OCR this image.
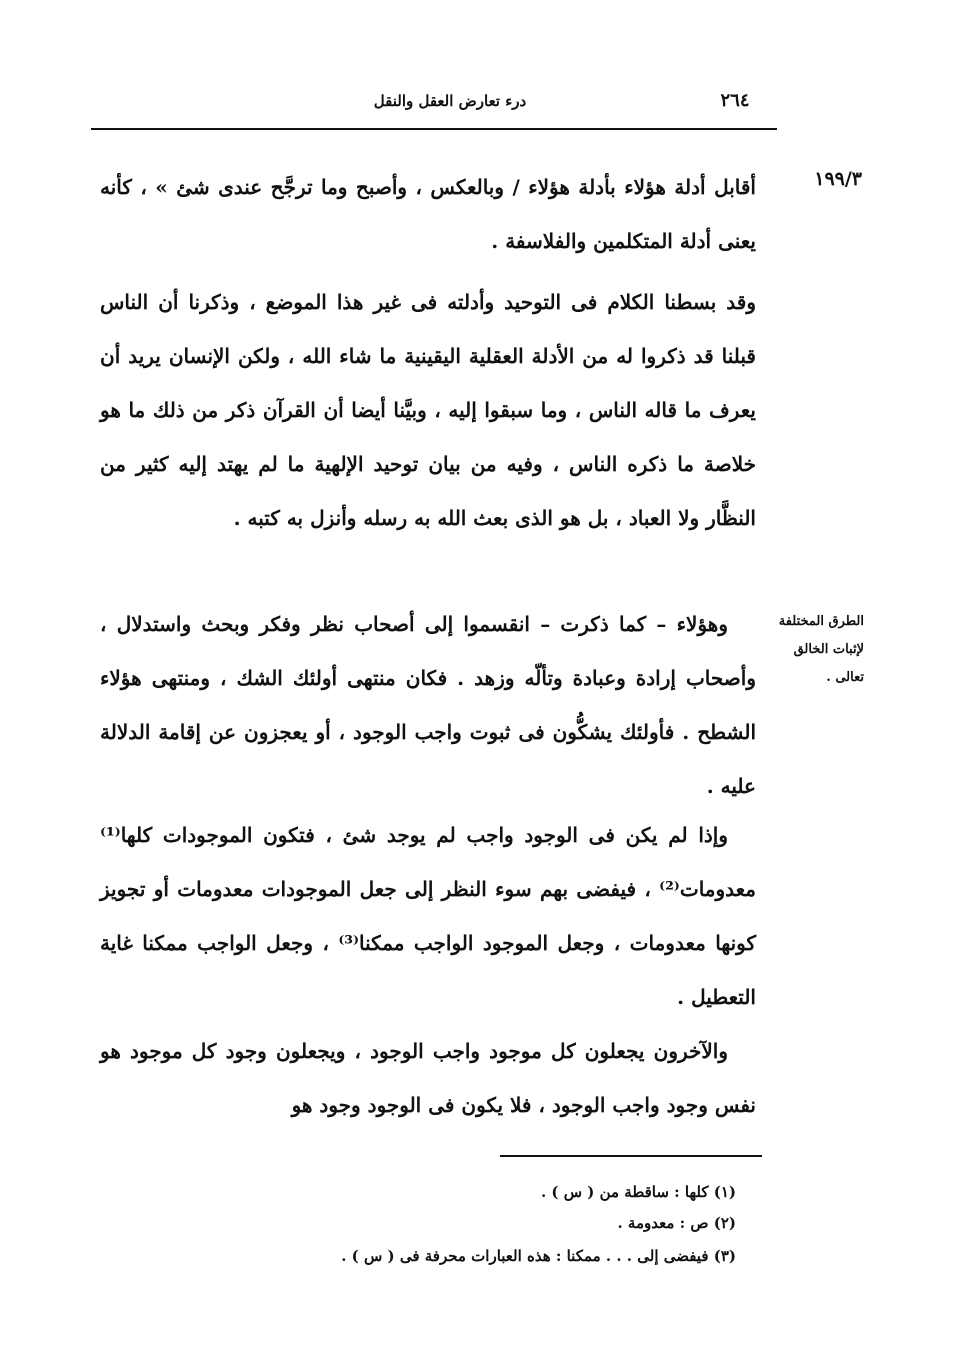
٢٦٤
درء تعارض العقل والنقل
١٩٩/٣
الطرق المختلفة لإثبات الخالق تعالى .
أقابل أدلة هؤلاء بأدلة هؤلاء / وبالعكس ، وأصبح وما ترجَّح عندى شئ » ، كأنه يعنى أدلة المتكلمين والفلاسفة .
وقد بسطنا الكلام فى التوحيد وأدلته فى غير هذا الموضع ، وذكرنا أن الناس قبلنا قد ذكروا له من الأدلة العقلية اليقينية ما شاء الله ، ولكن الإنسان يريد أن يعرف ما قاله الناس ، وما سبقوا إليه ، وبيَّنا أيضا أن القرآن ذكر من ذلك ما هو خلاصة ما ذكره الناس ، وفيه من بيان توحيد الإلهية ما لم يهتد إليه كثير من النظَّار ولا العباد ، بل هو الذى بعث الله به رسله وأنزل به كتبه .
وهؤلاء – كما ذكرت – انقسموا إلى أصحاب نظر وفكر وبحث واستدلال ، وأصحاب إرادة وعبادة وتألّه وزهد . فكان منتهى أولئك الشك ، ومنتهى هؤلاء الشطح . فأولئك يشكُّون فى ثبوت واجب الوجود ، أو يعجزون عن إقامة الدلالة عليه .
وإذا لم يكن فى الوجود واجب لم يوجد شئ ، فتكون الموجودات كلها⁽¹⁾ معدومات⁽²⁾ ، فيفضى بهم سوء النظر إلى جعل الموجودات معدومات أو تجويز كونها معدومات ، وجعل الموجود الواجب ممكنا⁽³⁾ ، وجعل الواجب ممكنا غاية التعطيل .
والآخرون يجعلون كل موجود واجب الوجود ، ويجعلون وجود كل موجود هو نفس وجود واجب الوجود ، فلا يكون فى الوجود وجود هو
(١) كلها : ساقطة من ( س ) .
(٢) ص : معدومة .
(٣) فيفضى إلى . . . ممكنا : هذه العبارات محرفة فى ( س ) .
